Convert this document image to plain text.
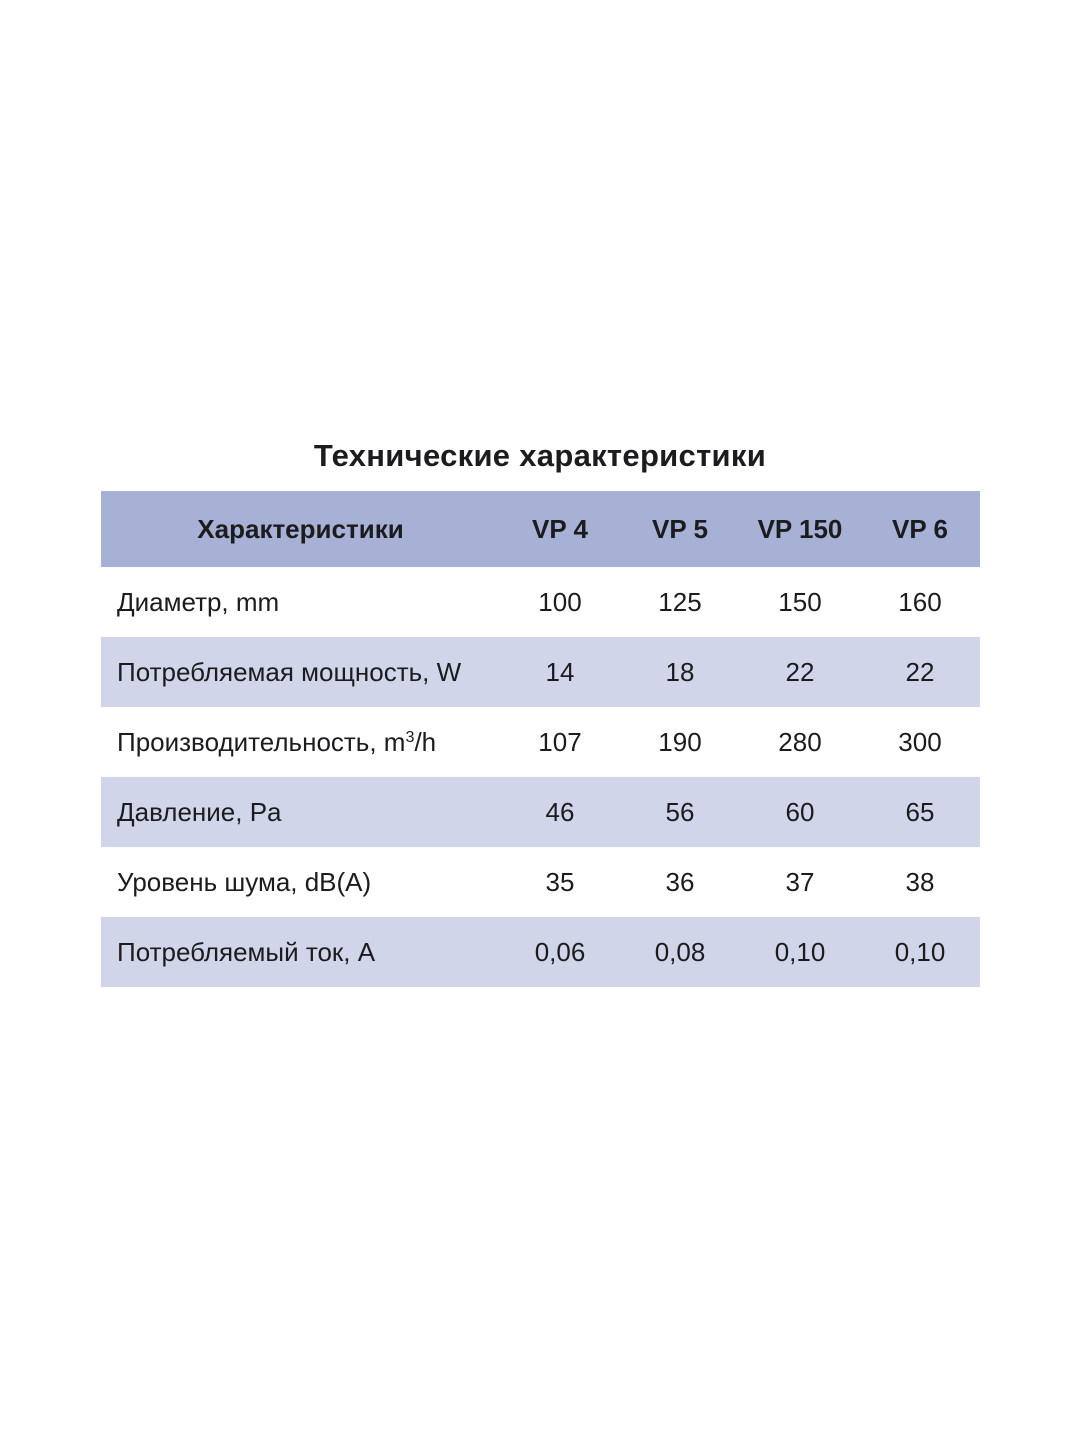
Технические характеристики
Характеристики	VP 4	VP 5	VP 150	VP 6
Диаметр, mm	100	125	150	160
Потребляемая мощность, W	14	18	22	22
Производительность, $m^3/h$	107	190	280	300
Давление, Pa	46	56	60	65
Уровень шума, dB(A)	35	36	37	38
Потребляемый ток, A	0,06	0,08	0,10	0,10
